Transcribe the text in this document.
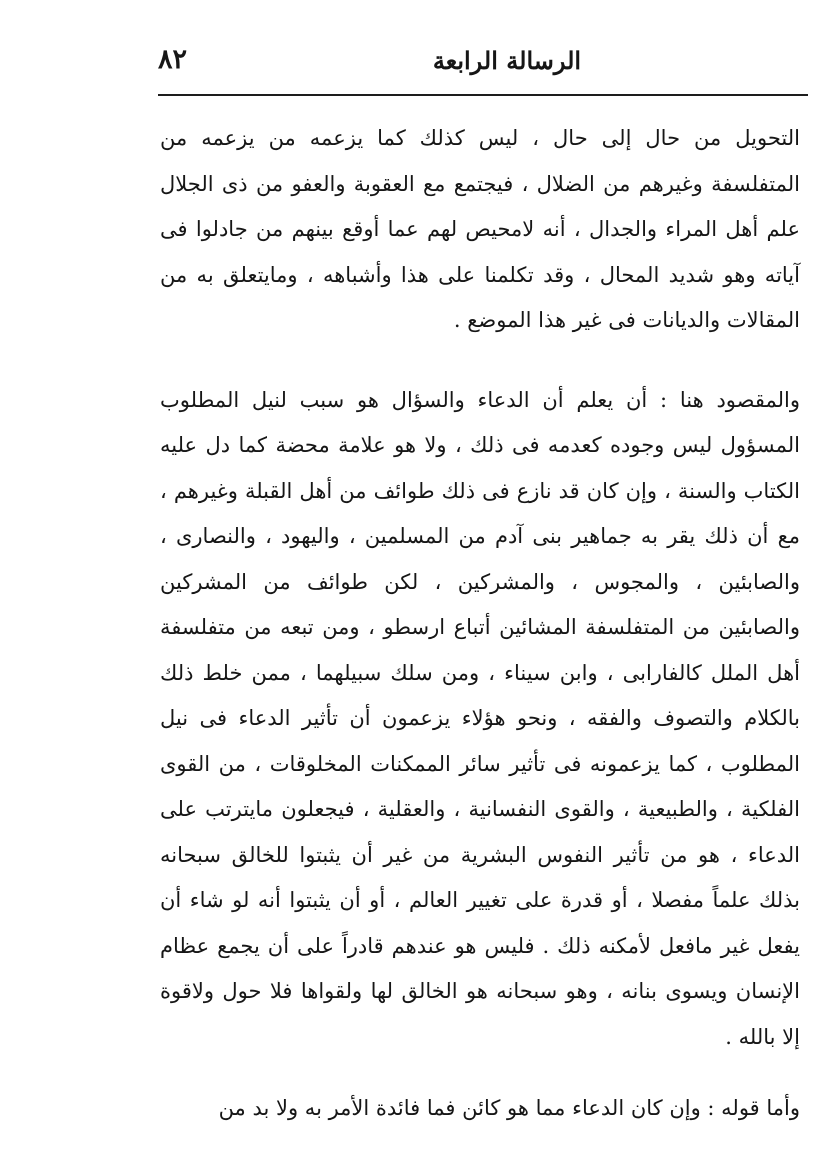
٨٢	الرسالة الرابعة

التحويل من حال إلى حال ، ليس كذلك كما يزعمه من يزعمه من المتفلسفة وغيرهم من الضلال ، فيجتمع مع العقوبة والعفو من ذى الجلال علم أهل المراء والجدال ، أنه لامحيص لهم عما أوقع بينهم من جادلوا فى آياته وهو شديد المحال ، وقد تكلمنا على هذا وأشباهه ، ومايتعلق به من المقالات والديانات فى غير هذا الموضع .

والمقصود هنا : أن يعلم أن الدعاء والسؤال هو سبب لنيل المطلوب المسؤول ليس وجوده كعدمه فى ذلك ، ولا هو علامة محضة كما دل عليه الكتاب والسنة ، وإن كان قد نازع فى ذلك طوائف من أهل القبلة وغيرهم ، مع أن ذلك يقر به جماهير بنى آدم من المسلمين ، واليهود ، والنصارى ، والصابئين ، والمجوس ، والمشركين ، لكن طوائف من المشركين والصابئين من المتفلسفة المشائين أتباع ارسطو ، ومن تبعه من متفلسفة أهل الملل كالفارابى ، وابن سيناء ، ومن سلك سبيلهما ، ممن خلط ذلك بالكلام والتصوف والفقه ، ونحو هؤلاء يزعمون أن تأثير الدعاء فى نيل المطلوب ، كما يزعمونه فى تأثير سائر الممكنات المخلوقات ، من القوى الفلكية ، والطبيعية ، والقوى النفسانية ، والعقلية ، فيجعلون مايترتب على الدعاء ، هو من تأثير النفوس البشرية من غير أن يثبتوا للخالق سبحانه بذلك علماً مفصلا ، أو قدرة على تغيير العالم ، أو أن يثبتوا أنه لو شاء أن يفعل غير مافعل لأمكنه ذلك . فليس هو عندهم قادراً على أن يجمع عظام الإنسان ويسوى بنانه ، وهو سبحانه هو الخالق لها ولقواها فلا حول ولاقوة إلا بالله .

وأما قوله : وإن كان الدعاء مما هو كائن فما فائدة الأمر به ولا بد من
